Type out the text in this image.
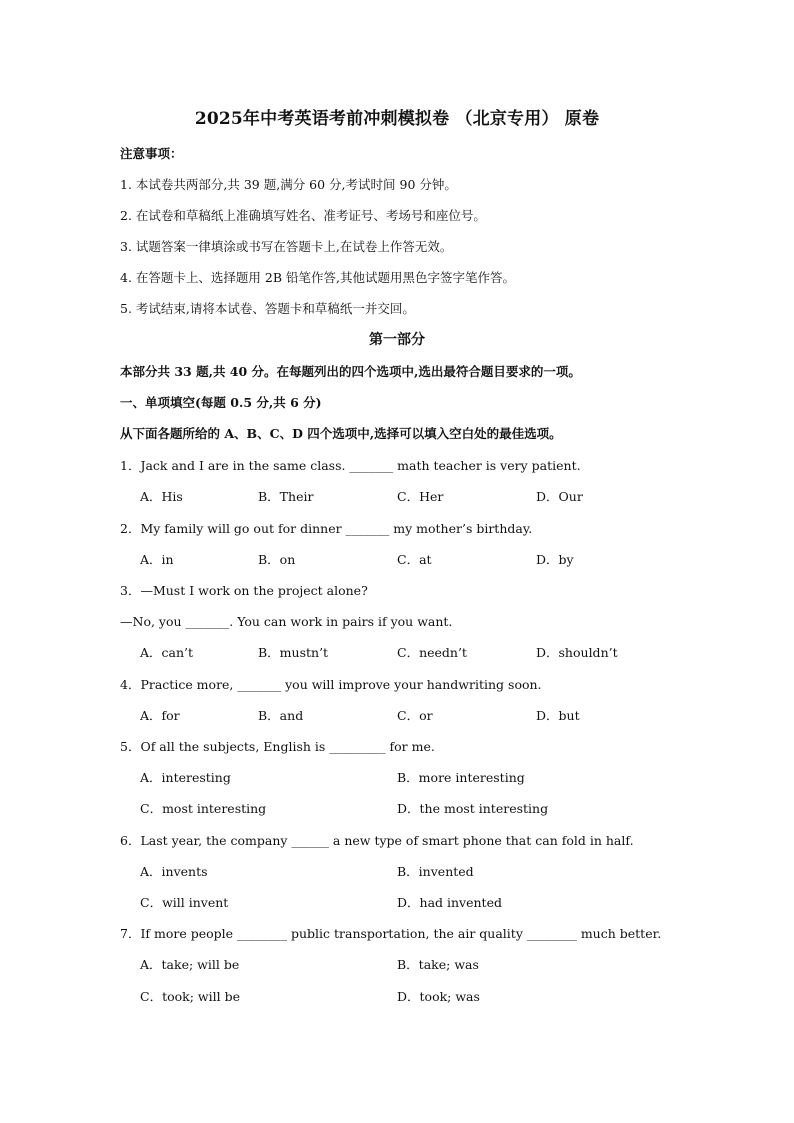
2025年中考英语考前冲刺模拟卷 （北京专用） 原卷
注意事项：
1. 本试卷共两部分,共 39 题,满分 60 分,考试时间 90 分钟。
2. 在试卷和草稿纸上准确填写姓名、准考证号、考场号和座位号。
3. 试题答案一律填涂或书写在答题卡上,在试卷上作答无效。
4. 在答题卡上、选择题用 2B 铅笔作答,其他试题用黑色字签字笔作答。
5. 考试结束,请将本试卷、答题卡和草稿纸一并交回。
第一部分
本部分共 33 题,共 40 分。在每题列出的四个选项中,选出最符合题目要求的一项。
一、单项填空(每题 0.5 分,共 6 分)
从下面各题所给的 A、B、C、D 四个选项中,选择可以填入空白处的最佳选项。
1．Jack and I are in the same class. _______ math teacher is very patient.
A．His	B．Their	C．Her	D．Our
2．My family will go out for dinner _______ my mother’s birthday.
A．in	B．on	C．at	D．by
3．—Must I work on the project alone?
—No, you _______. You can work in pairs if you want.
A．can’t	B．mustn’t	C．needn’t	D．shouldn’t
4．Practice more, _______ you will improve your handwriting soon.
A．for	B．and	C．or	D．but
5．Of all the subjects, English is _________ for me.
A．interesting	B．more interesting
C．most interesting	D．the most interesting
6．Last year, the company ______ a new type of smart phone that can fold in half.
A．invents	B．invented
C．will invent	D．had invented
7．If more people ________ public transportation, the air quality ________ much better.
A．take; will be	B．take; was
C．took; will be	D．took; was
